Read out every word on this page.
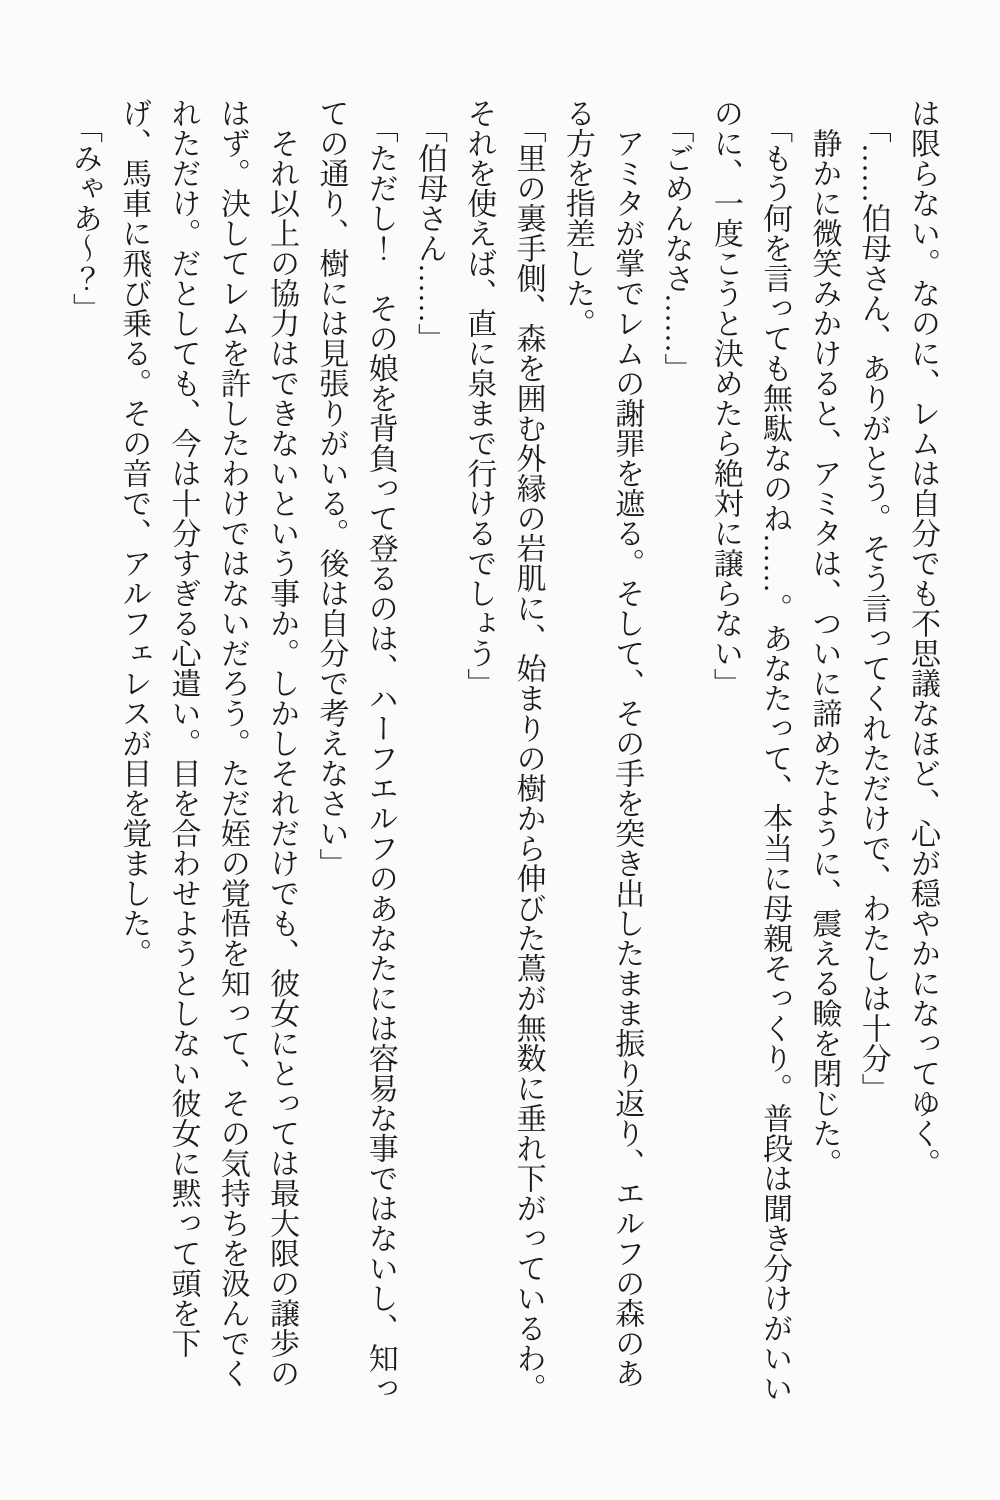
は限らない。なのに、レムは自分でも不思議なほど、心が穏やかになってゆく。

「……伯母さん、ありがとう。そう言ってくれただけで、わたしは十分」

静かに微笑みかけると、アミタは、ついに諦めたように、震える瞼を閉じた。

「もう何を言っても無駄なのね……。あなたって、本当に母親そっくり。普段は聞き分けがいいのに、一度こうと決めたら絶対に譲らない」

「ごめんなさ……」

アミタが掌でレムの謝罪を遮る。そして、その手を突き出したまま振り返り、エルフの森のある方を指差した。

「里の裏手側、森を囲む外縁の岩肌に、始まりの樹から伸びた蔦が無数に垂れ下がっているわ。それを使えば、直に泉まで行けるでしょう」

「伯母さん……」

「ただし！　その娘を背負って登るのは、ハーフエルフのあなたには容易な事ではないし、知っての通り、樹には見張りがいる。後は自分で考えなさい」

それ以上の協力はできないという事か。しかしそれだけでも、彼女にとっては最大限の譲歩のはず。決してレムを許したわけではないだろう。ただ姪の覚悟を知って、その気持ちを汲んでくれただけ。だとしても、今は十分すぎる心遣い。目を合わせようとしない彼女に黙って頭を下げ、馬車に飛び乗る。その音で、アルフェレスが目を覚ました。

「みゃあ〜？」
